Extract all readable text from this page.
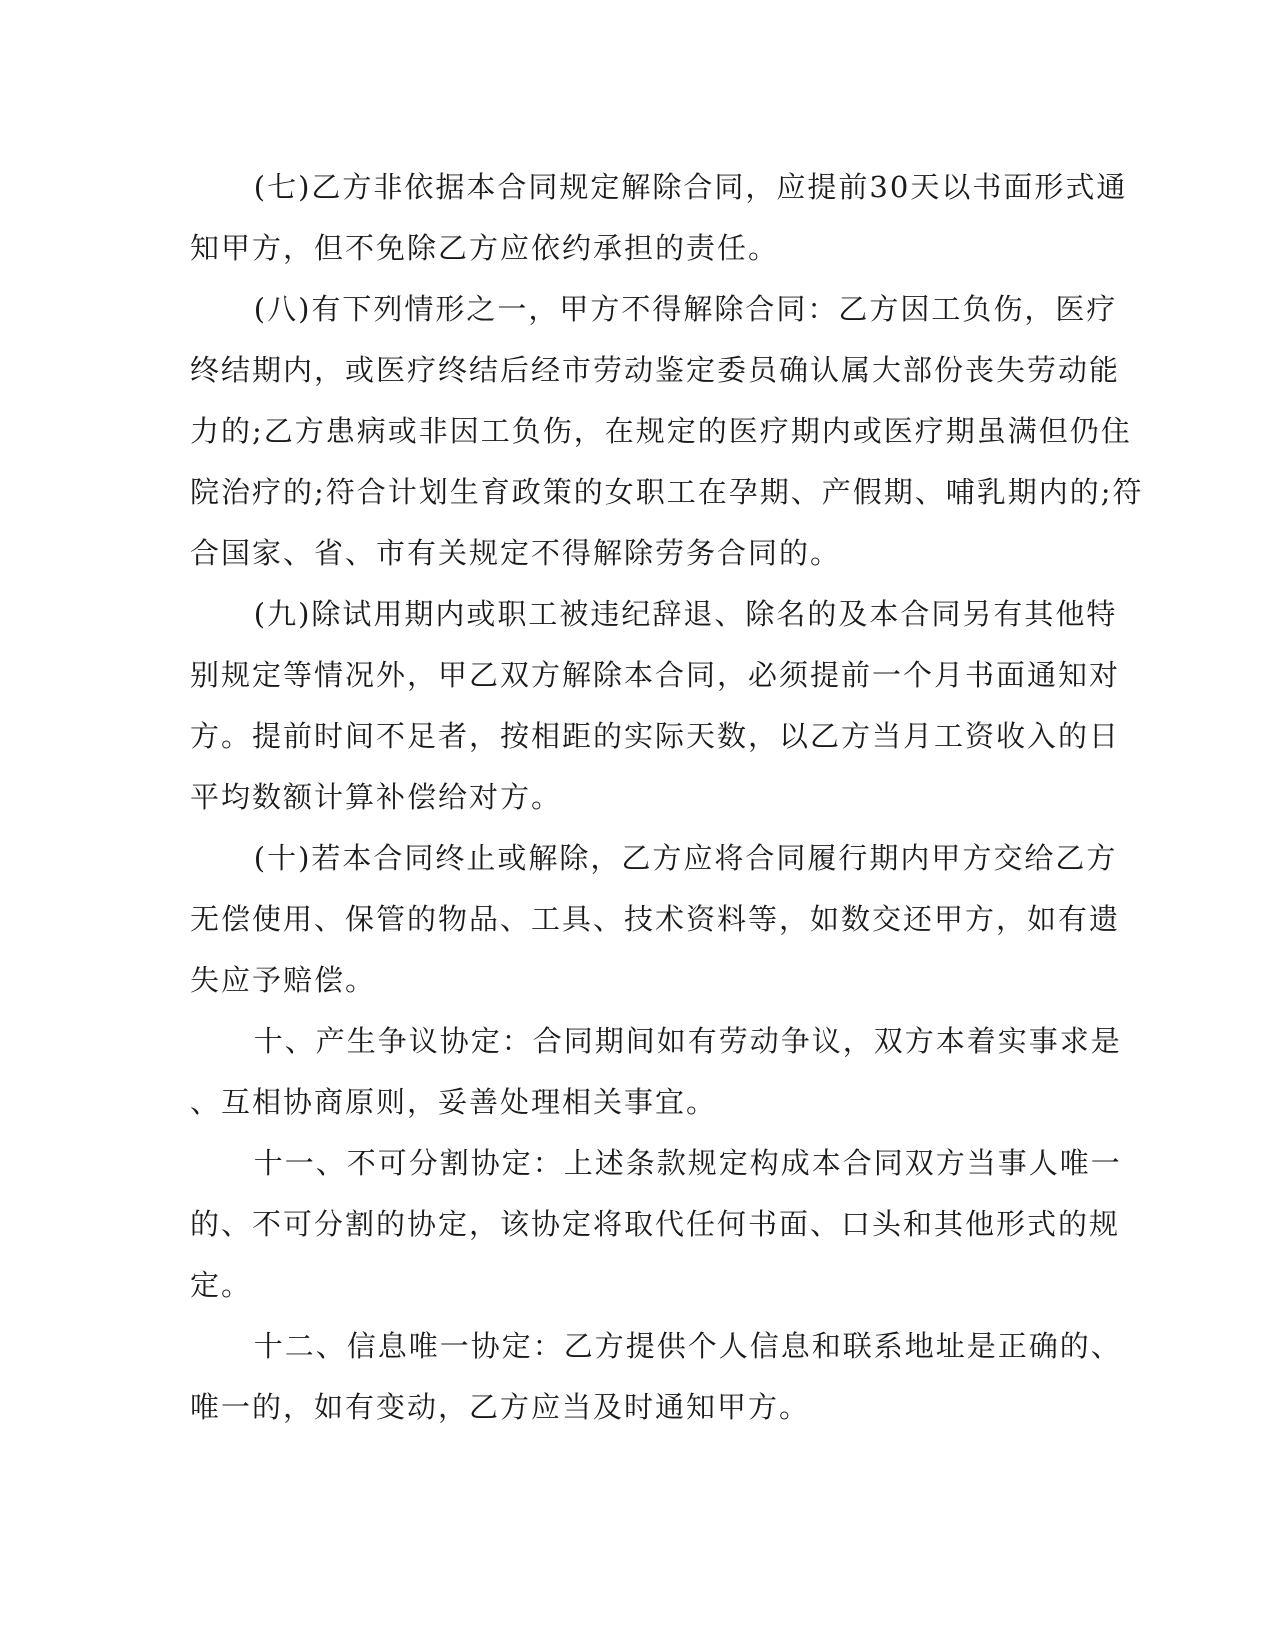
(七)乙方非依据本合同规定解除合同，应提前30天以书面形式通
知甲方，但不免除乙方应依约承担的责任。

(八)有下列情形之一，甲方不得解除合同：乙方因工负伤，医疗
终结期内，或医疗终结后经市劳动鉴定委员确认属大部份丧失劳动能
力的;乙方患病或非因工负伤，在规定的医疗期内或医疗期虽满但仍住
院治疗的;符合计划生育政策的女职工在孕期、产假期、哺乳期内的;符
合国家、省、市有关规定不得解除劳务合同的。

(九)除试用期内或职工被违纪辞退、除名的及本合同另有其他特
别规定等情况外，甲乙双方解除本合同，必须提前一个月书面通知对
方。提前时间不足者，按相距的实际天数，以乙方当月工资收入的日
平均数额计算补偿给对方。

(十)若本合同终止或解除，乙方应将合同履行期内甲方交给乙方
无偿使用、保管的物品、工具、技术资料等，如数交还甲方，如有遗
失应予赔偿。

十、产生争议协定：合同期间如有劳动争议，双方本着实事求是
、互相协商原则，妥善处理相关事宜。

十一、不可分割协定：上述条款规定构成本合同双方当事人唯一
的、不可分割的协定，该协定将取代任何书面、口头和其他形式的规
定。

十二、信息唯一协定：乙方提供个人信息和联系地址是正确的、
唯一的，如有变动，乙方应当及时通知甲方。
